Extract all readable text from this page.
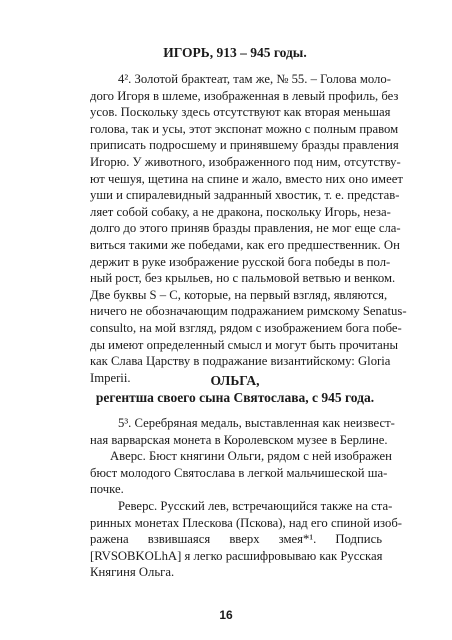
ИГОРЬ, 913 – 945 годы.
4². Золотой брактеат, там же, № 55. – Голова моло-
дого Игоря в шлеме, изображенная в левый профиль, без
усов. Поскольку здесь отсутствуют как вторая меньшая
голова, так и усы, этот экспонат можно с полным правом
приписать подросшему и принявшему бразды правления
Игорю. У животного, изображенного под ним, отсутству-
ют чешуя, щетина на спине и жало, вместо них оно имеет
уши и спиралевидный задранный хвостик, т. е. представ-
ляет собой собаку, а не дракона, поскольку Игорь, неза-
долго до этого приняв бразды правления, не мог еще сла-
виться такими же победами, как его предшественник. Он
держит в руке изображение русской бога победы в пол-
ный рост, без крыльев, но с пальмовой ветвью и венком.
Две буквы S – С, которые, на первый взгляд, являются,
ничего не обозначающим подражанием римскому Senatus-
consulto, на мой взгляд, рядом с изображением бога побе-
ды имеют определенный смысл и могут быть прочитаны
как Слава Царству в подражание византийскому: Gloria
Imperii.	ОЛЬГА,
регентша своего сына Святослава, с 945 года.
5³. Серебряная медаль, выставленная как неизвест-
ная варварская монета в Королевском музее в Берлине.
Аверс. Бюст княгини Ольги, рядом с ней изображен
бюст молодого Святослава в легкой мальчишеской ша-
почке.
Реверс. Русский лев, встречающийся также на ста-
ринных монетах Плескова (Пскова), над его спиной изоб-
ражена взвившаяся вверх змея*¹. Подпись
[RVSOBKOLhA] я легко расшифровываю как Русская
Княгиня Ольга.
16
